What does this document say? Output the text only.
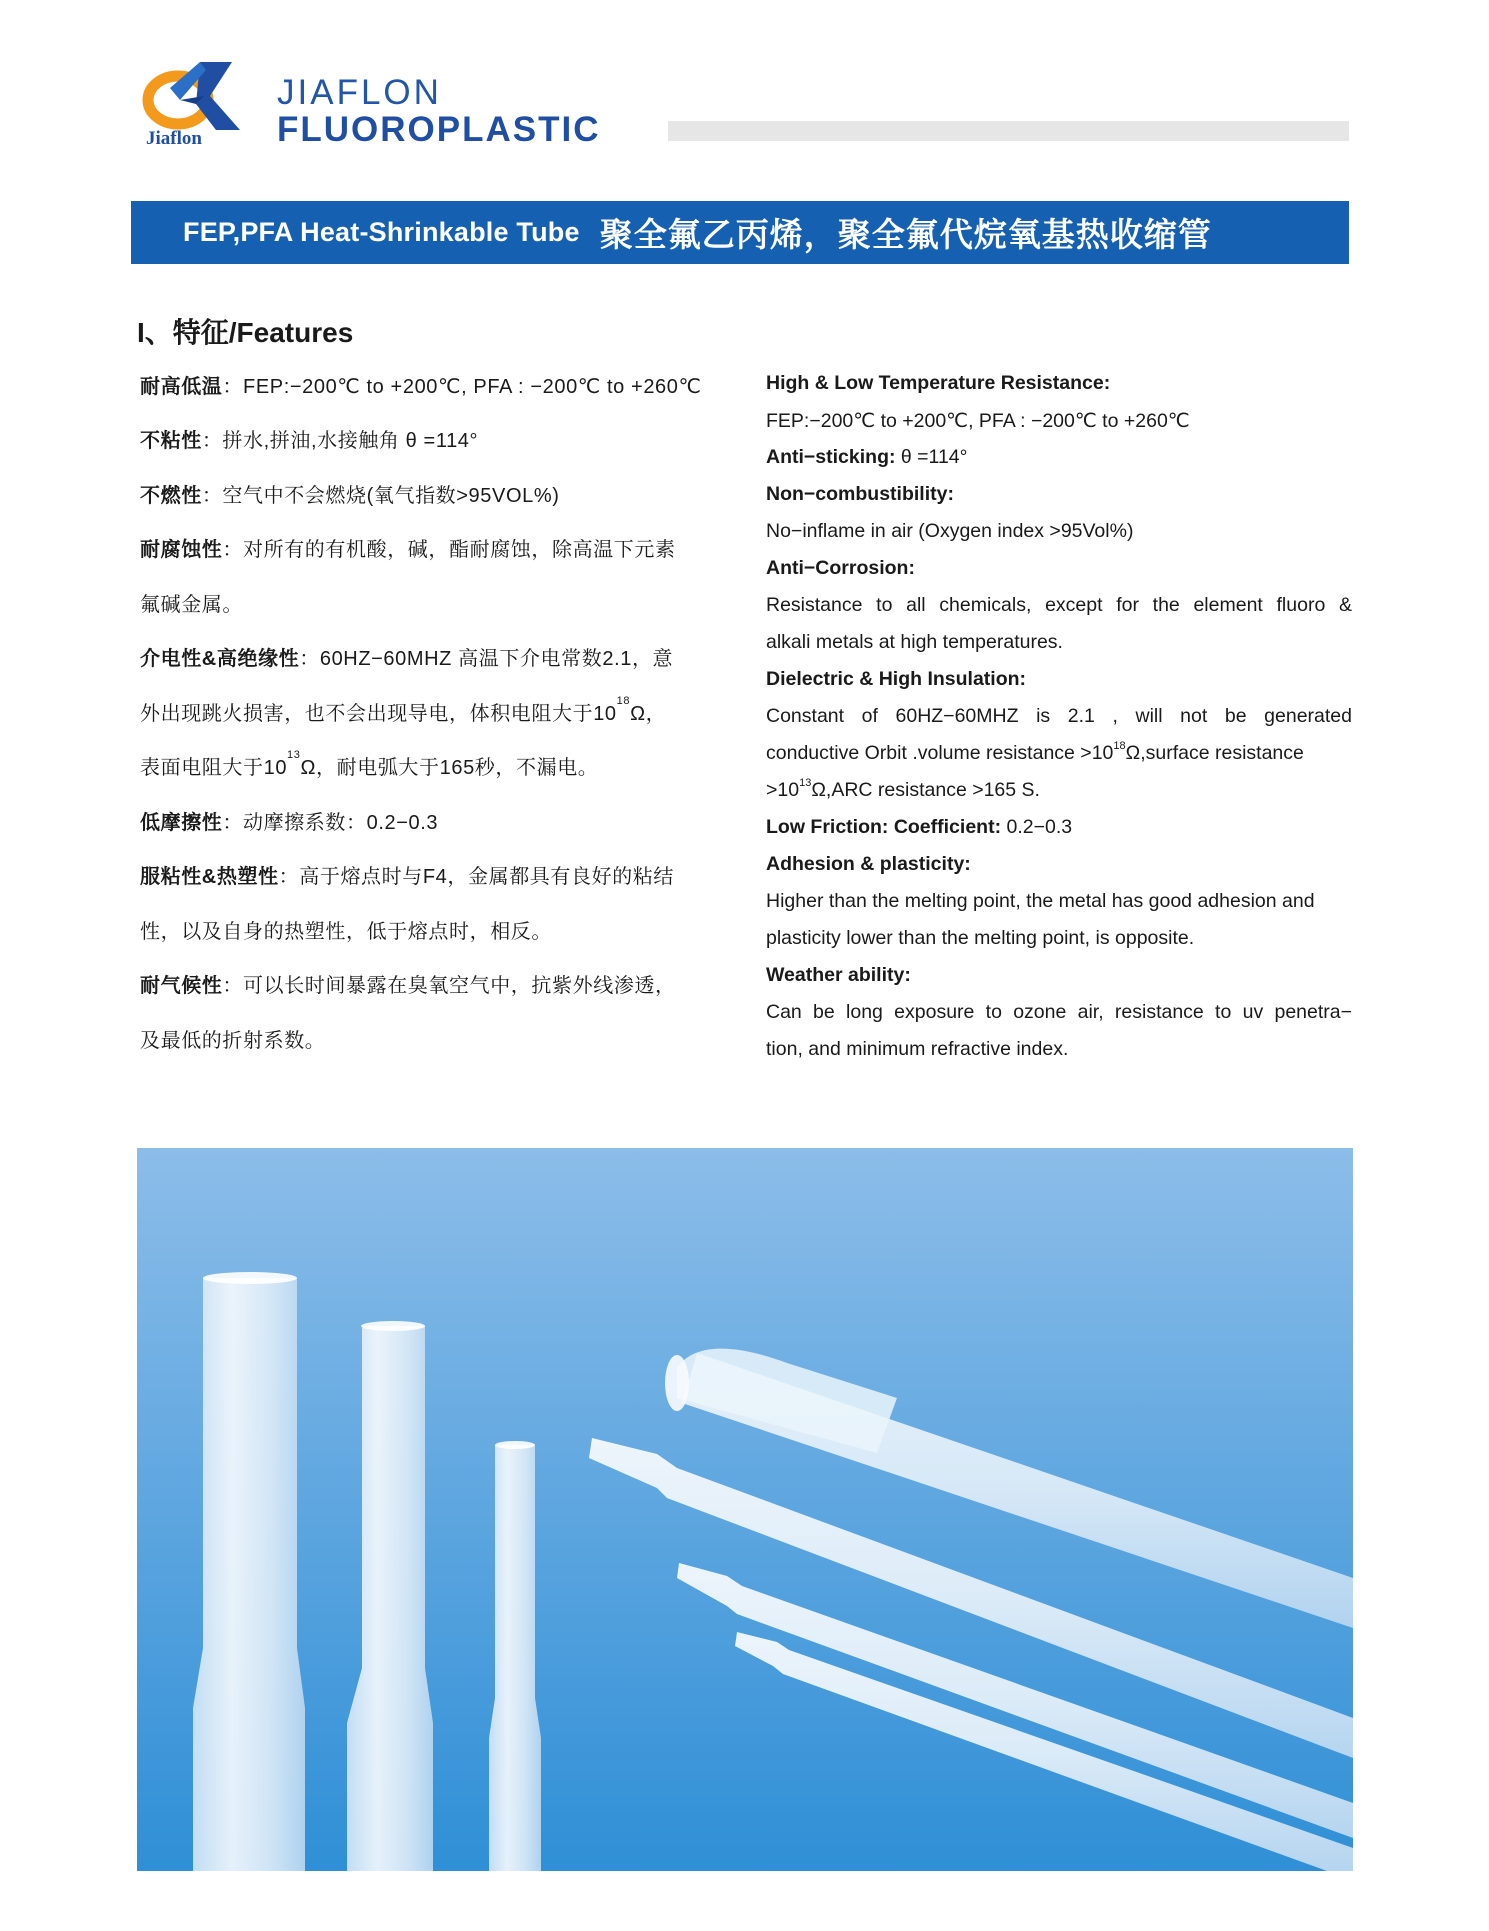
Jiaflon
JIAFLON
FLUOROPLASTIC
FEP,PFA Heat-Shrinkable Tube 聚全氟乙丙烯，聚全氟代烷氧基热收缩管
I、特征/Features
耐高低温：FEP:−200℃ to +200℃, PFA : −200℃ to +260℃
不粘性：拼水,拼油,水接触角 θ =114°
不燃性：空气中不会燃烧(氧气指数>95VOL%)
耐腐蚀性：对所有的有机酸，碱，酯耐腐蚀，除高温下元素
氟碱金属。
介电性&高绝缘性：60HZ−60MHZ 高温下介电常数2.1，意
外出现跳火损害，也不会出现导电，体积电阻大于$10^{18}\Omega$，
表面电阻大于$10^{13}\Omega$，耐电弧大于165秒，不漏电。
低摩擦性：动摩擦系数：0.2−0.3
服粘性&热塑性：高于熔点时与F4，金属都具有良好的粘结
性，以及自身的热塑性，低于熔点时，相反。
耐气候性：可以长时间暴露在臭氧空气中，抗紫外线渗透，
及最低的折射系数。
High & Low Temperature Resistance:
FEP:−200℃ to +200℃, PFA : −200℃ to +260℃
Anti−sticking: θ =114°
Non−combustibility:
No−inflame in air (Oxygen index >95Vol%)
Anti−Corrosion:
Resistance to all chemicals, except for the element fluoro &
alkali metals at high temperatures.
Dielectric & High Insulation:
Constant of 60HZ−60MHZ is 2.1 , will not be generated
conductive Orbit .volume resistance $>10^{18}\Omega,surface$ resistance
$>10^{13}\Omega,ARC$ resistance >165 S.
Low Friction: Coefficient: 0.2−0.3
Adhesion & plasticity:
Higher than the melting point, the metal has good adhesion and
plasticity lower than the melting point, is opposite.
Weather ability:
Can be long exposure to ozone air, resistance to uv penetra−
tion, and minimum refractive index.
